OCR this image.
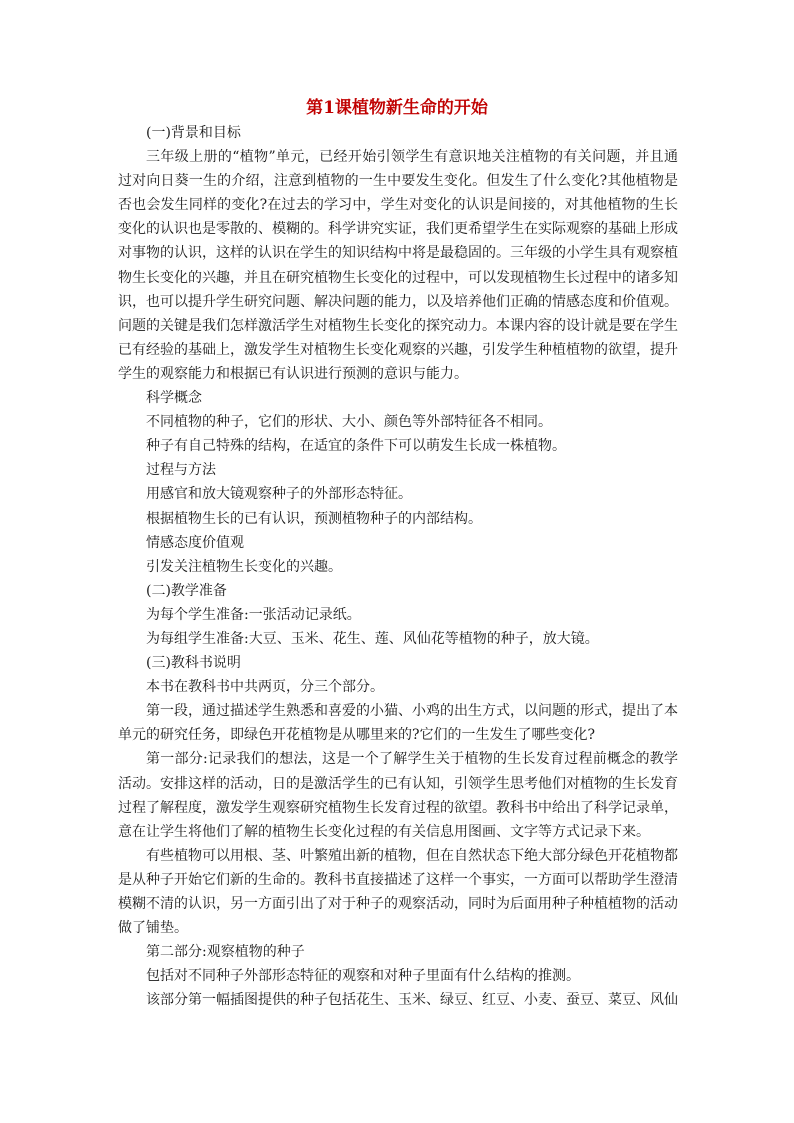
第1课植物新生命的开始

(一)背景和目标

三年级上册的“植物”单元，已经开始引领学生有意识地关注植物的有关问题，并且通过对向日葵一生的介绍，注意到植物的一生中要发生变化。但发生了什么变化?其他植物是否也会发生同样的变化?在过去的学习中，学生对变化的认识是间接的，对其他植物的生长变化的认识也是零散的、模糊的。科学讲究实证，我们更希望学生在实际观察的基础上形成对事物的认识，这样的认识在学生的知识结构中将是最稳固的。三年级的小学生具有观察植物生长变化的兴趣，并且在研究植物生长变化的过程中，可以发现植物生长过程中的诸多知识，也可以提升学生研究问题、解决问题的能力，以及培养他们正确的情感态度和价值观。问题的关键是我们怎样激活学生对植物生长变化的探究动力。本课内容的设计就是要在学生已有经验的基础上，激发学生对植物生长变化观察的兴趣，引发学生种植植物的欲望，提升学生的观察能力和根据已有认识进行预测的意识与能力。

科学概念

不同植物的种子，它们的形状、大小、颜色等外部特征各不相同。

种子有自己特殊的结构，在适宜的条件下可以萌发生长成一株植物。

过程与方法

用感官和放大镜观察种子的外部形态特征。

根据植物生长的已有认识，预测植物种子的内部结构。

情感态度价值观

引发关注植物生长变化的兴趣。

(二)教学准备

为每个学生准备:一张活动记录纸。

为每组学生准备:大豆、玉米、花生、莲、风仙花等植物的种子，放大镜。

(三)教科书说明

本书在教科书中共两页，分三个部分。

第一段，通过描述学生熟悉和喜爱的小猫、小鸡的出生方式，以问题的形式，提出了本单元的研究任务，即绿色开花植物是从哪里来的?它们的一生发生了哪些变化?

第一部分:记录我们的想法，这是一个了解学生关于植物的生长发育过程前概念的教学活动。安排这样的活动，日的是激活学生的已有认知，引领学生思考他们对植物的生长发育过程了解程度，激发学生观察研究植物生长发育过程的欲望。教科书中给出了科学记录单，意在让学生将他们了解的植物生长变化过程的有关信息用图画、文字等方式记录下来。

有些植物可以用根、茎、叶繁殖出新的植物，但在自然状态下绝大部分绿色开花植物都是从种子开始它们新的生命的。教科书直接描述了这样一个事实，一方面可以帮助学生澄清模糊不清的认识，另一方面引出了对于种子的观察活动，同时为后面用种子种植植物的活动做了铺垫。

第二部分:观察植物的种子

包括对不同种子外部形态特征的观察和对种子里面有什么结构的推测。

该部分第一幅插图提供的种子包括花生、玉米、绿豆、红豆、小麦、蚕豆、菜豆、风仙
